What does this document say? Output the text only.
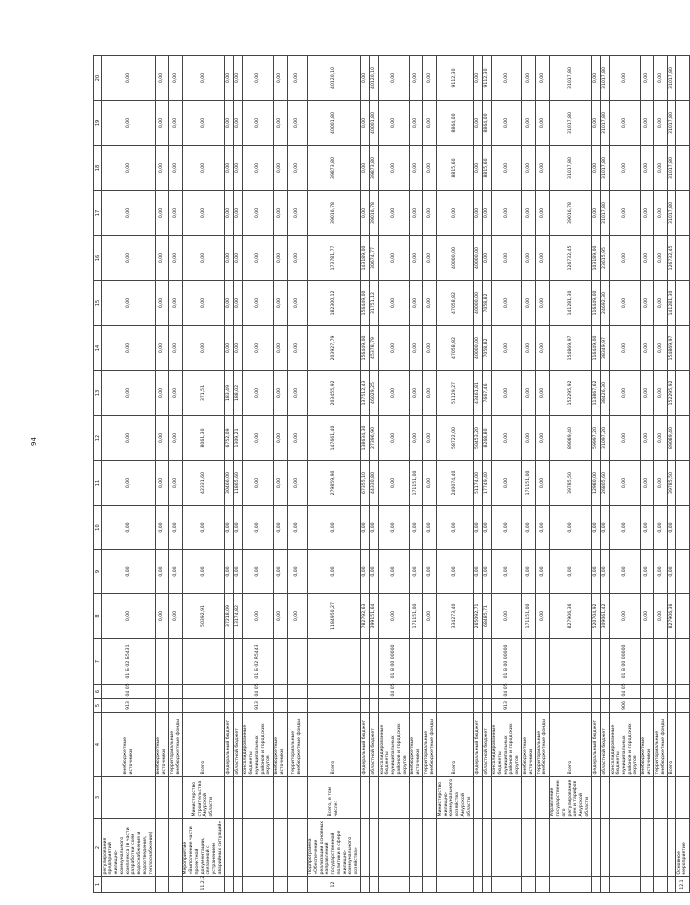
94
1	2	3	4	5	6	7	8	9	10	11	12	13	14	15	16	17	18	19	20
	регулирования предприятий жилищно-коммунального комплекса (в части разработки схем водоснабжения и водоотведения, теплоснабжения)		внебюджетные источники	913	04 05	01 Б 02 Б5431	0,00	0,00	0,00	0,00	0,00	0,00	0,00	0,00	0,00	0,00	0,00	0,00	0,00
			внебюджетные источники				0,00	0,00	0,00	0,00	0,00	0,00	0,00	0,00	0,00	0,00	0,00	0,00	0,00
			территориальные внебюджетные фонды				0,00	0,00	0,00	0,00	0,00	0,00	0,00	0,00	0,00	0,00	0,00	0,00	0,00
11.2.2	Мероприятие «Выполнение части проектной документации, связанной с устранением аварийных ситуаций»	Министерство строительства Амурской области	Всего				50392,91	0,00	0,00	42331,60	8061,30	371,51	0,00	0,00	0,00	0,00	0,00	0,00	0,00
			федеральный бюджет				37218,09	0,00	0,00	30466,00	6752,09	183,49	0,00	0,00	0,00	0,00	0,00	0,00	0,00
			областной бюджет				13174,82	0,00	0,00	11865,60	1309,21	188,02	0,00	0,00	0,00	0,00	0,00	0,00	0,00
			консолидированные бюджеты муниципальных районов и городских округов	913	04 05	01 Б 02 R5443	0,00	0,00	0,00	0,00	0,00	0,00	0,00	0,00	0,00	0,00	0,00	0,00	0,00
			внебюджетные источники				0,00	0,00	0,00	0,00	0,00	0,00	0,00	0,00	0,00	0,00	0,00	0,00	0,00
			территориальные внебюджетные фонды				0,00	0,00	0,00	0,00	0,00	0,00	0,00	0,00	0,00	0,00	0,00	0,00	0,00
12	Подпрограмма «Обеспечение реализации основных направлений государственной политики в сфере жилищно-коммунального хозяйства»	Всего, в том числе:	Всего				1184950,27	0,00	0,00	279859,90	147661,40	203455,92	203927,79	182300,12	173781,77	39016,78	39873,80	40001,80	40120,10
			федеральный бюджет				782792,63	0,00	0,00	67355,10	138634,30	137512,43	156449,00	156449,00	143189,00	0,00	0,00	0,00	0,00
			областной бюджет				399151,64	0,00	0,00	44330,80	27396,90	46029,25	45378,79	31751,12	30674,77	39016,78	39873,80	40001,80	40120,10
			консолидированные бюджеты муниципальных районов и городских округов		04 05	01 В 00 00000	0,00	0,00	0,00	0,00	0,00	0,00	0,00	0,00	0,00	0,00	0,00	0,00	0,00
			внебюджетные источники				171151,00	0,00	0,00	171151,00	0,00	0,00	0,00	0,00	0,00	0,00	0,00	0,00	0,00
			территориальные внебюджетные фонды				0,00	0,00	0,00	0,00	0,00	0,00	0,00	0,00	0,00	0,00	0,00	0,00	0,00
		Министерство жилищно-коммунального хозяйства Амурской области	Всего				334273,40	0,00	0,00	240074,40	58722,00	51129,27	47058,82	47058,82	40000,00	0,00	8815,60	8864,00	9112,30
			федеральный бюджет				265092,71	0,00	0,00	51174,00	50453,20	43461,81	40000,00	40000,00	40000,00	0,00	0,00	0,00	0,00
			областной бюджет				68485,71	0,00	0,00	17749,40	8268,80	7667,46	7058,82	7058,82	0,00	0,00	8815,60	8864,00	9112,30
			консолидированные бюджеты муниципальных районов и городских округов	913	04 05	01 В 00 00000	0,00	0,00	0,00	0,00	0,00	0,00	0,00	0,00	0,00	0,00	0,00	0,00	0,00
			внебюджетные источники				171151,00	0,00	0,00	171151,00	0,00	0,00	0,00	0,00	0,00	0,00	0,00	0,00	0,00
			территориальные внебюджетные фонды				0,00	0,00	0,00	0,00	0,00	0,00	0,00	0,00	0,00	0,00	0,00	0,00	0,00
		Управление государственного регулирования цен и тарифов Амурской области	Всего				827906,36	0,00	0,00	39785,50	89089,40	152295,92	154869,97	141281,30	126732,45	39016,78	31017,80	31017,80	31017,80
			федеральный бюджет				520704,92	0,00	0,00	12980,00	59997,20	113867,62	116449,00	116449,00	103189,00	0,00	0,00	0,00	0,00
			областной бюджет				309061,42	0,00	0,00	26805,60	31097,20	38426,30	38349,97	24692,30	23615,95	31017,80	31017,80	31017,80	31017,80
			консолидированные бюджеты муниципальных районов и городских округов	906	04 05	01 В 00 00000	0,00	0,00	0,00	0,00	0,00	0,00	0,00	0,00	0,00	0,00	0,00	0,00	0,00
			внебюджетные источники				0,00	0,00	0,00	0,00	0,00	0,00	0,00	0,00	0,00	0,00	0,00	0,00	0,00
			территориальные внебюджетные фонды				0,00	0,00	0,00	0,00	0,00	0,00	0,00	0,00	0,00	0,00	0,00	0,00	0,00
			Всего				827906,36	0,00	0,00	39785,50	89089,40	152295,92	154869,97	141281,30	126732,45	31017,80	31017,80	31017,80	31017,80
12.1	Основное мероприятие																		
